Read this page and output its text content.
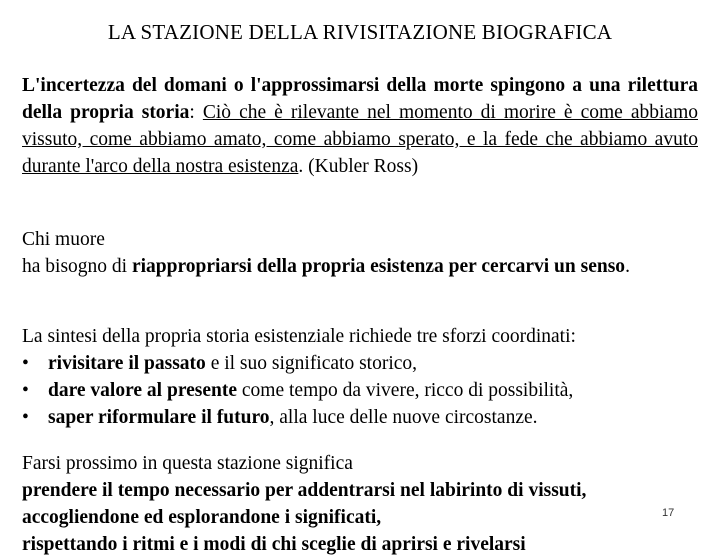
LA STAZIONE DELLA RIVISITAZIONE BIOGRAFICA
L'incertezza del domani o l'approssimarsi della morte spingono a una rilettura della propria storia: Ciò che è rilevante nel momento di morire è come abbiamo vissuto, come abbiamo amato, come abbiamo sperato, e la fede che abbiamo avuto durante l'arco della nostra esistenza. (Kubler Ross)
Chi muore
ha bisogno di riappropriarsi della propria esistenza per cercarvi un senso.
La sintesi della propria storia esistenziale richiede tre sforzi coordinati:
• rivisitare il passato e il suo significato storico,
• dare valore al presente come tempo da vivere, ricco di possibilità,
• saper riformulare il futuro, alla luce delle nuove circostanze.
Farsi prossimo in questa stazione significa
prendere il tempo necessario per addentrarsi nel labirinto di vissuti,
accogliendone ed esplorandone i significati,
rispettando i ritmi e i modi di chi sceglie di aprirsi e rivelarsi
17
